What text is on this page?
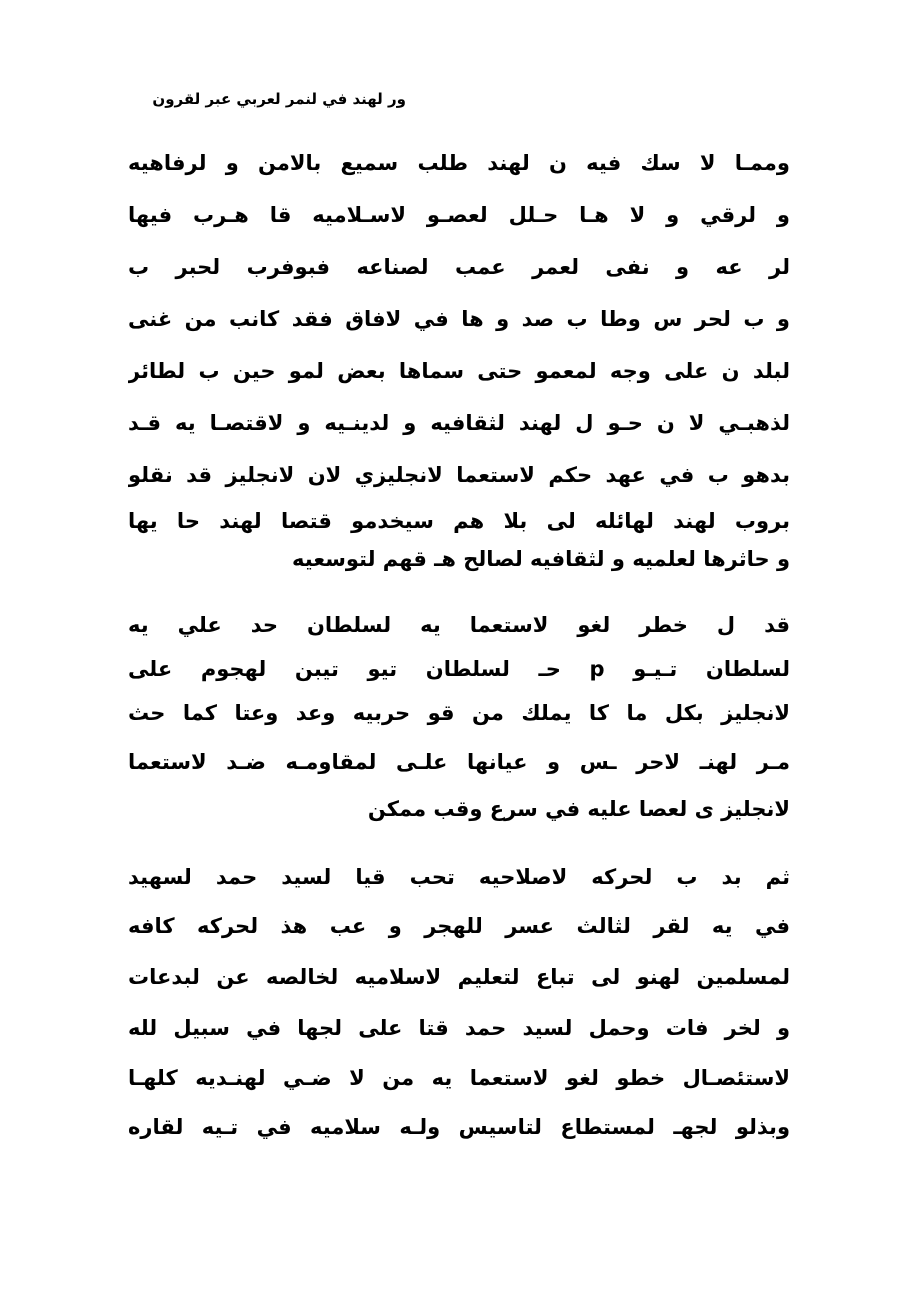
ور لهند في لنمر لعربي عبر لقرون
وممـا لا سك فيه ن لهند طلب سميع بالامن و لرفاهيه
و لرقي و لا هـا حـلل لعصـو لاسـلاميه قا هـرب فيها
لر عه و نفى لعمر عمب لصناعه فبوفرب لحبر ب
و ب لحر س وطا ب صد و ها في لافاق فقد كانب من غنى
لبلد ن على وجه لمعمو حتى سماها بعض لمو حين ب لطائر
لذهبـي لا ن حـو ل لهند لثقافيه و لدينـيه و لاقتصـا يه قـد
بدهو ب في عهد حكم لاستعما لانجليزي لان لانجليز قد نقلو
بروب لهند لهائله لى بلا هم سيخدمو قتصا لهند حا يها
و حاثرها لعلميه و لثقافيه لصالح هـ قهم لتوسعيه
قد ل خطر لغو لاستعما يه لسلطان حد علي يه
لسلطان تـيـو p حـ لسلطان تيو تيبن لهجوم على
لانجليز بكل ما كا يملك من قو حربيه وعد وعتا كما حث
مـر لهنـ لاحر ـس و عيانها علـى لمقاومـه ضـد لاستعما
لانجليز ى لعصا عليه في سرع وقب ممكن
ثم بد ب لحركه لاصلاحيه تحب قيا لسيد حمد لسهيد
في يه لقر لثالث عسر للهجر و عب هذ لحركه كافه
لمسلمين لهنو لى تباع لتعليم لاسلاميه لخالصه عن لبدعات
و لخر فات وحمل لسيد حمد قتا على لجها في سبيل لله
لاستئصـال خطو لغو لاستعما يه من لا ضـي لهنـديه كلهـا
وبذلو لجهـ لمستطاع لتاسيس ولـه سلاميه في تـيه لقاره
